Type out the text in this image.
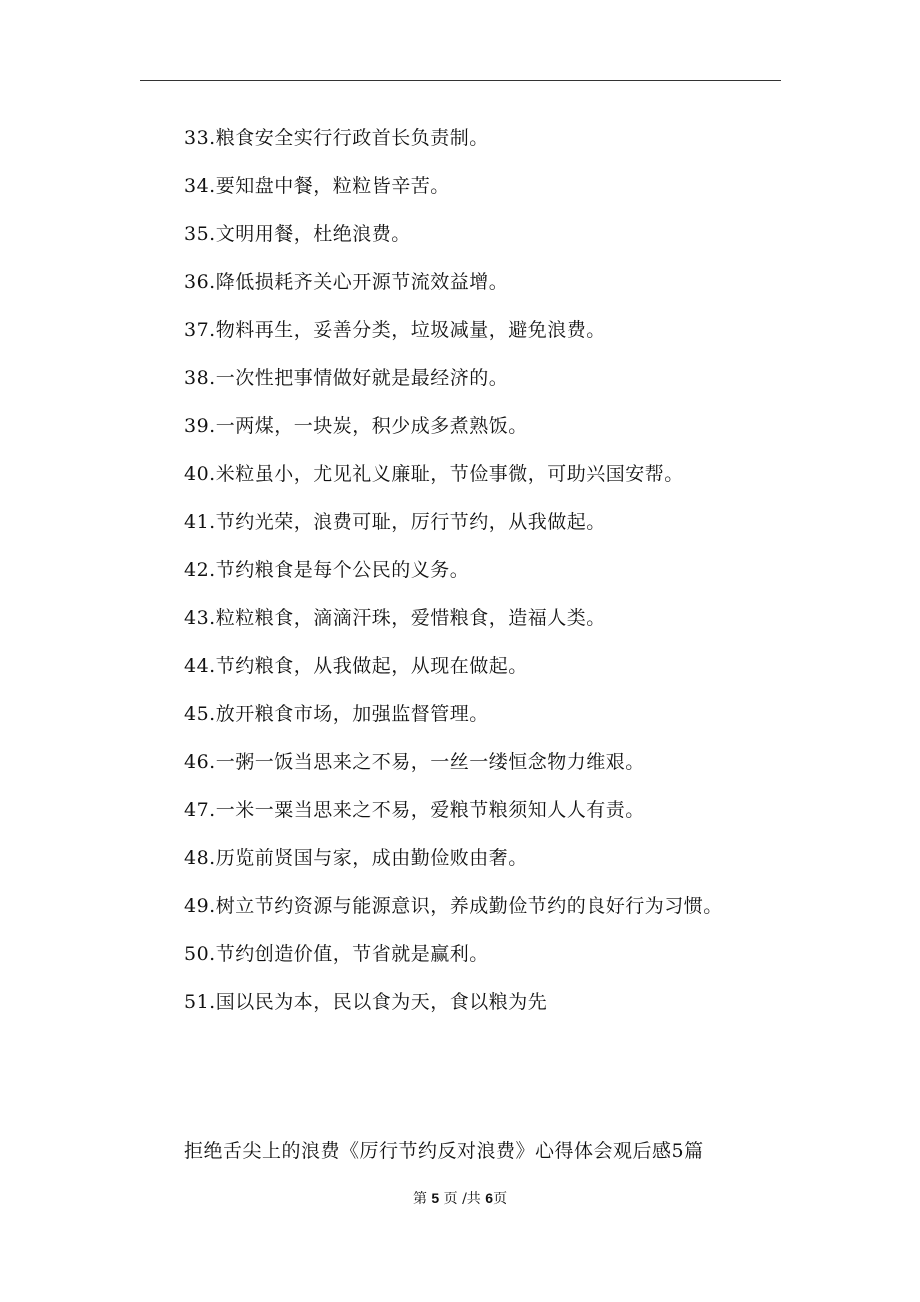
33.粮食安全实行行政首长负责制。
34.要知盘中餐，粒粒皆辛苦。
35.文明用餐，杜绝浪费。
36.降低损耗齐关心开源节流效益增。
37.物料再生，妥善分类，垃圾减量，避免浪费。
38.一次性把事情做好就是最经济的。
39.一两煤，一块炭，积少成多煮熟饭。
40.米粒虽小，尤见礼义廉耻，节俭事微，可助兴国安帮。
41.节约光荣，浪费可耻，厉行节约，从我做起。
42.节约粮食是每个公民的义务。
43.粒粒粮食，滴滴汗珠，爱惜粮食，造福人类。
44.节约粮食，从我做起，从现在做起。
45.放开粮食市场，加强监督管理。
46.一粥一饭当思来之不易，一丝一缕恒念物力维艰。
47.一米一粟当思来之不易，爱粮节粮须知人人有责。
48.历览前贤国与家，成由勤俭败由奢。
49.树立节约资源与能源意识，养成勤俭节约的良好行为习惯。
50.节约创造价值，节省就是赢利。
51.国以民为本，民以食为天，食以粮为先
拒绝舌尖上的浪费《厉行节约反对浪费》心得体会观后感5篇
第 5 页 /共 6页
